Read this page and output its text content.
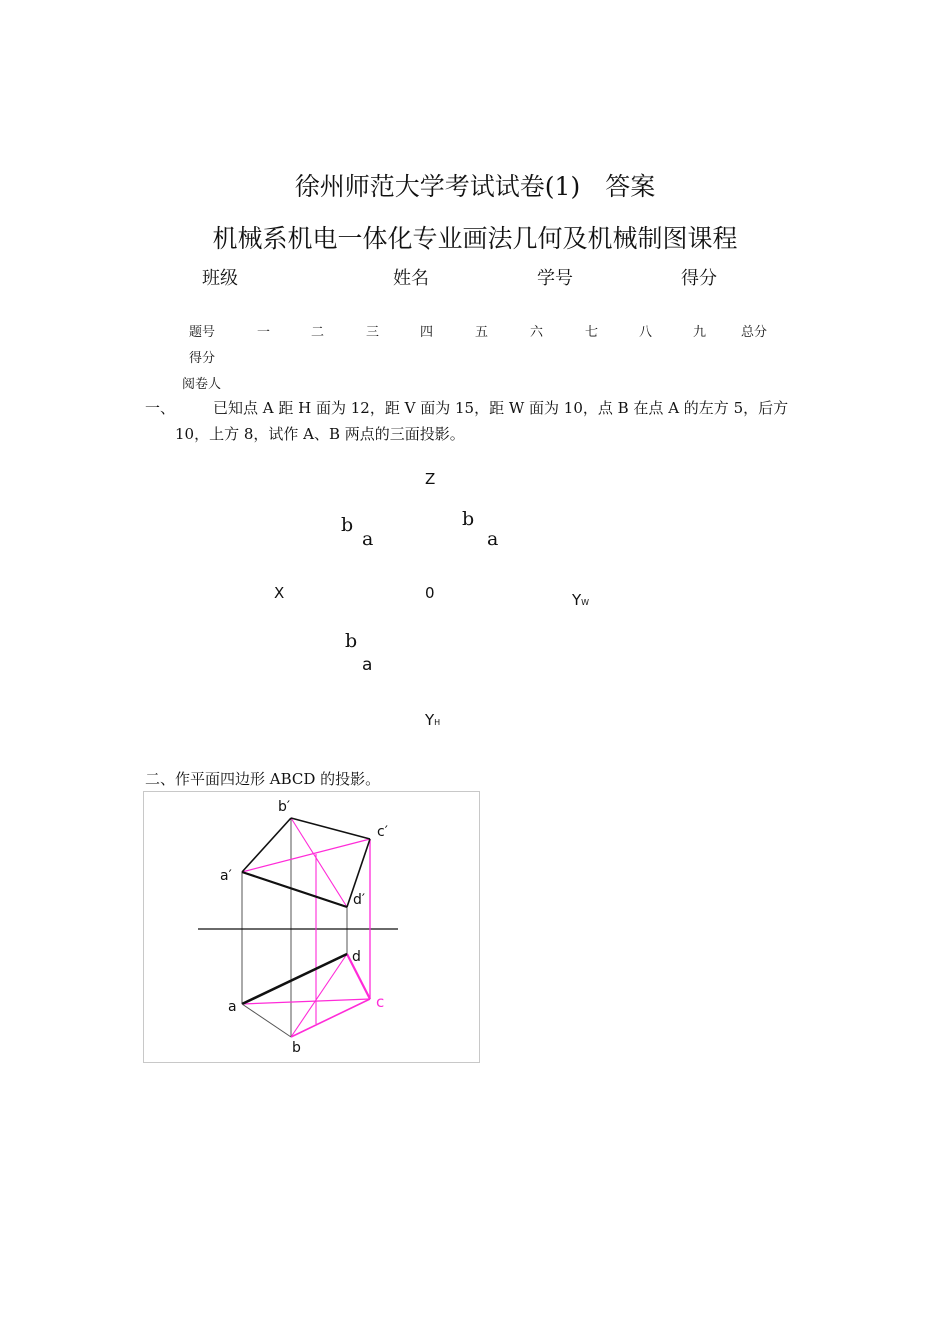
徐州师范大学考试试卷(1)　答案
机械系机电一体化专业画法几何及机械制图课程
班级	姓名	学号	得分
题号	一	二	三	四	五	六	七	八	九	总分
得分
阅卷人
一、	已知点 A 距 H 面为 12，距 V 面为 15，距 W 面为 10，点 B 在点 A 的左方 5，后方
10，上方 8，试作 A、B 两点的三面投影。
Z
b
a
b
a
X	0	YW
b
a
YH
二、作平面四边形 ABCD 的投影。
b′
c′
a′
d′
d
a	c
b
